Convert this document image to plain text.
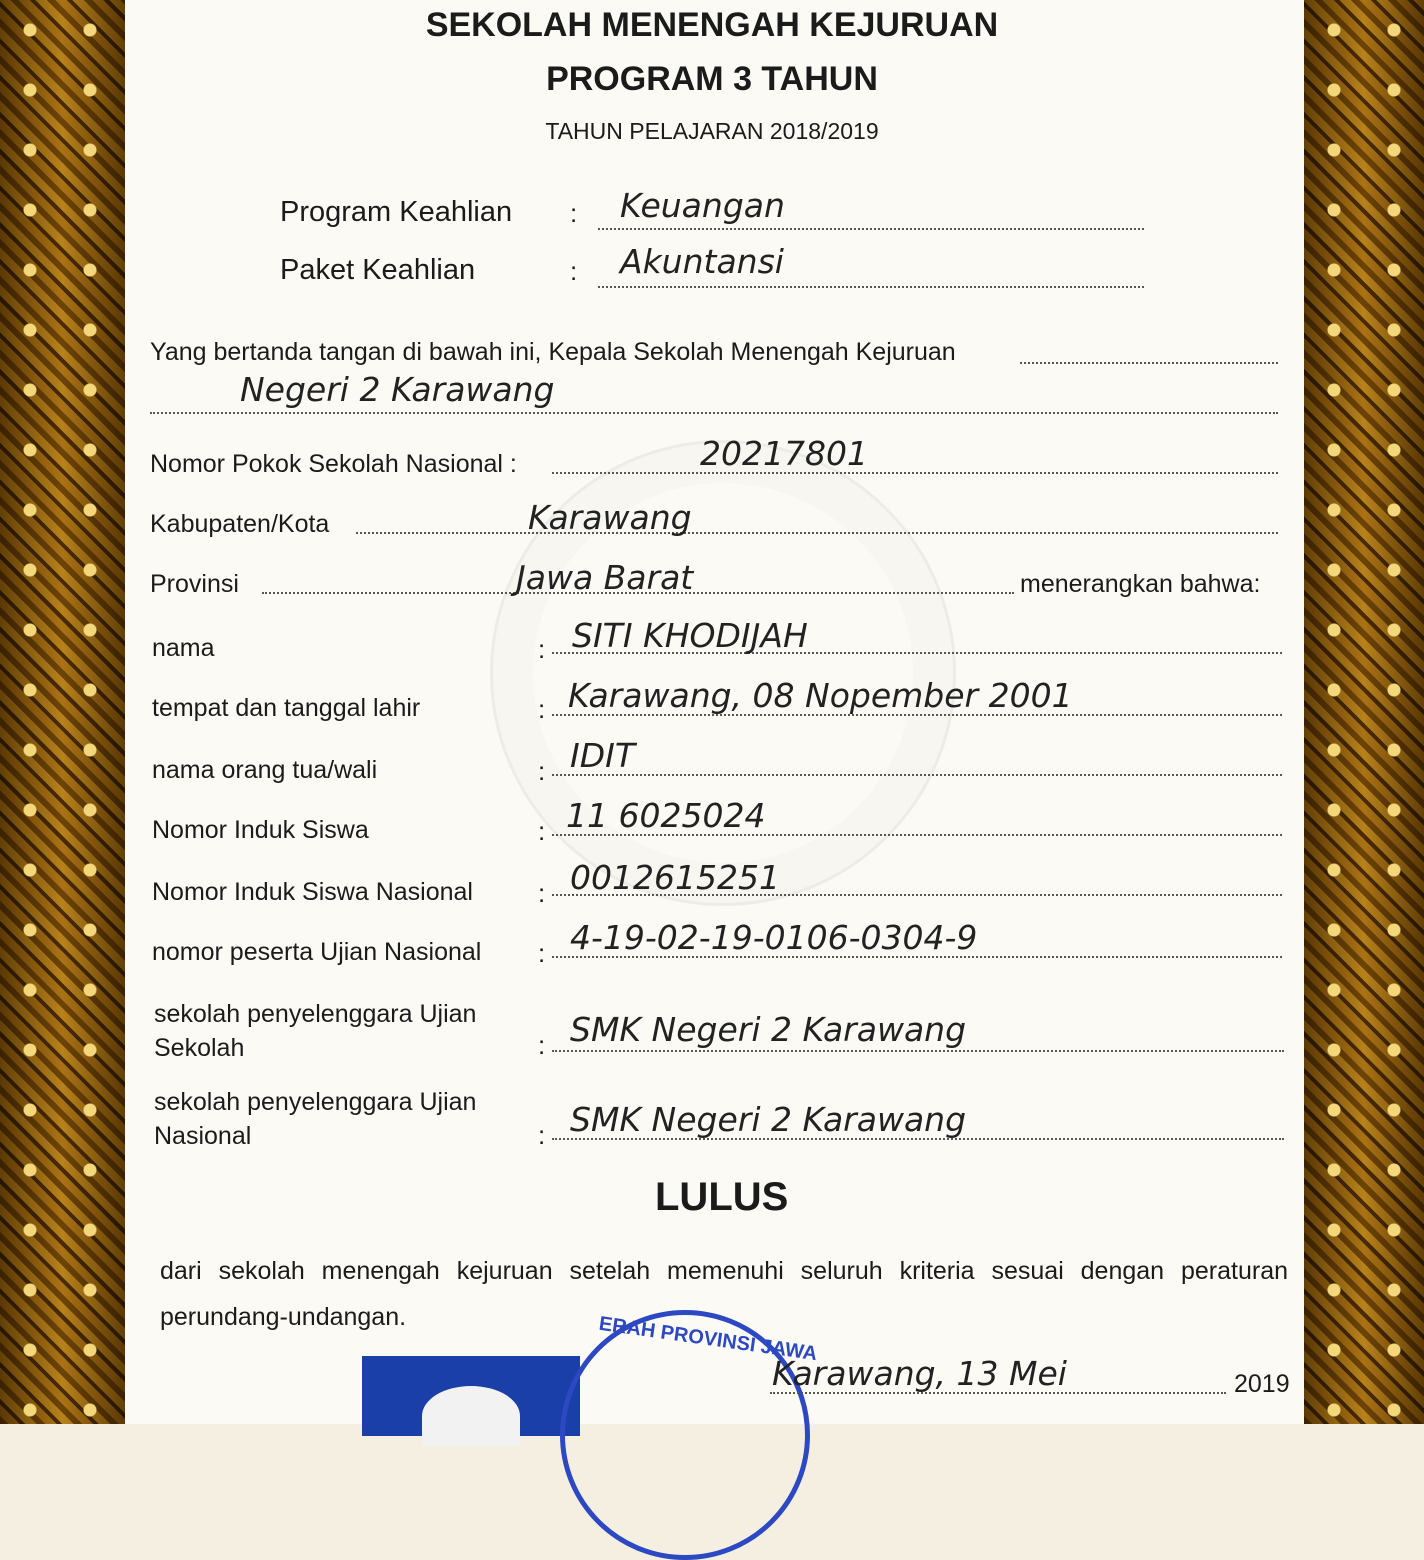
SEKOLAH MENENGAH KEJURUAN
PROGRAM 3 TAHUN
TAHUN PELAJARAN 2018/2019
Program Keahlian : Keuangan
Paket Keahlian	: Akuntansi
Yang bertanda tangan di bawah ini, Kepala Sekolah Menengah Kejuruan
Negeri 2 Karawang
Nomor Pokok Sekolah Nasional :	20217801
Kabupaten/Kota	Karawang
Provinsi	Jawa Barat	menerangkan bahwa:
nama	: SITI KHODIJAH
tempat dan tanggal lahir	: Karawang, 08 Nopember 2001
nama orang tua/wali	: IDIT
Nomor Induk Siswa	: 11 6025024
Nomor Induk Siswa Nasional	: 0012615251
nomor peserta Ujian Nasional : 4-19-02-19-0106-0304-9
sekolah penyelenggara Ujian
Sekolah	: SMK Negeri 2 Karawang
sekolah penyelenggara Ujian
Nasional	: SMK Negeri 2 Karawang
LULUS
dari sekolah menengah kejuruan setelah memenuhi seluruh kriteria sesuai dengan peraturan perundang-undangan.	ERAH PROVINSI JAWA
Karawang, 13 Mei	2019
